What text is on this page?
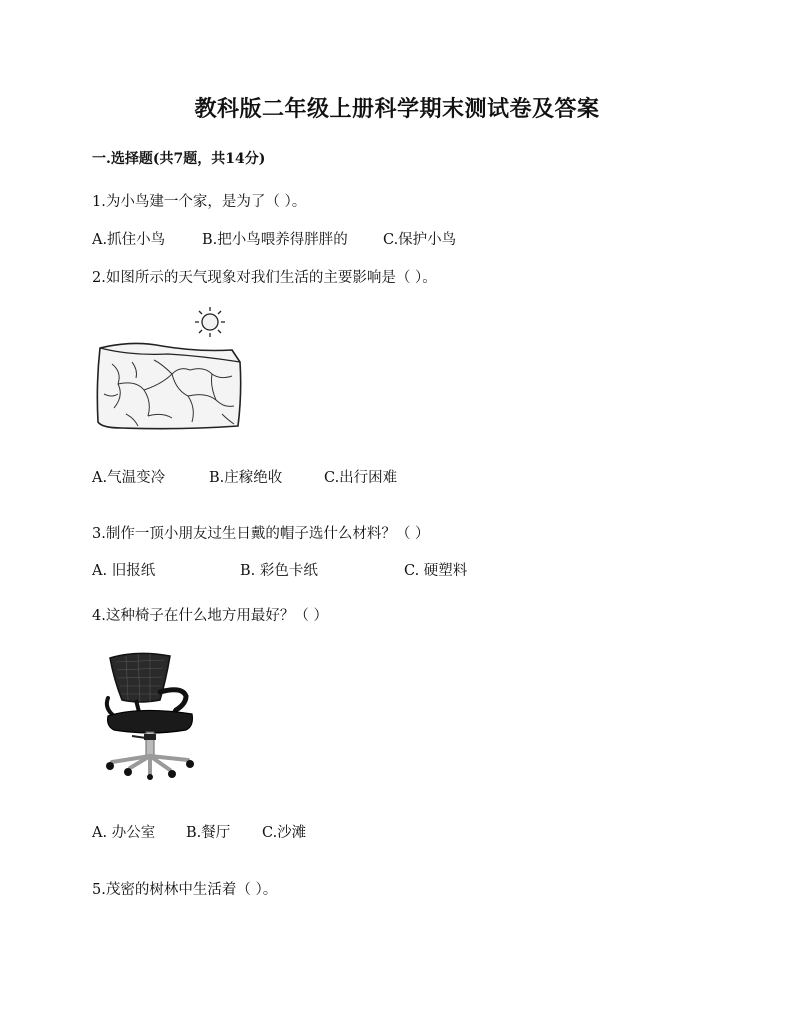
教科版二年级上册科学期末测试卷及答案
一.选择题(共7题，共14分)
1.为小鸟建一个家，是为了（ ）。
A.抓住小鸟	B.把小鸟喂养得胖胖的 C.保护小鸟
2.如图所示的天气现象对我们生活的主要影响是（ ）。
A.气温变冷	B.庄稼绝收	C.出行困难
3.制作一顶小朋友过生日戴的帽子选什么材料？（ ）
A. 旧报纸	B. 彩色卡纸	C. 硬塑料
4.这种椅子在什么地方用最好？（ ）
A. 办公室 B.餐厅 C.沙滩
5.茂密的树林中生活着（ ）。
